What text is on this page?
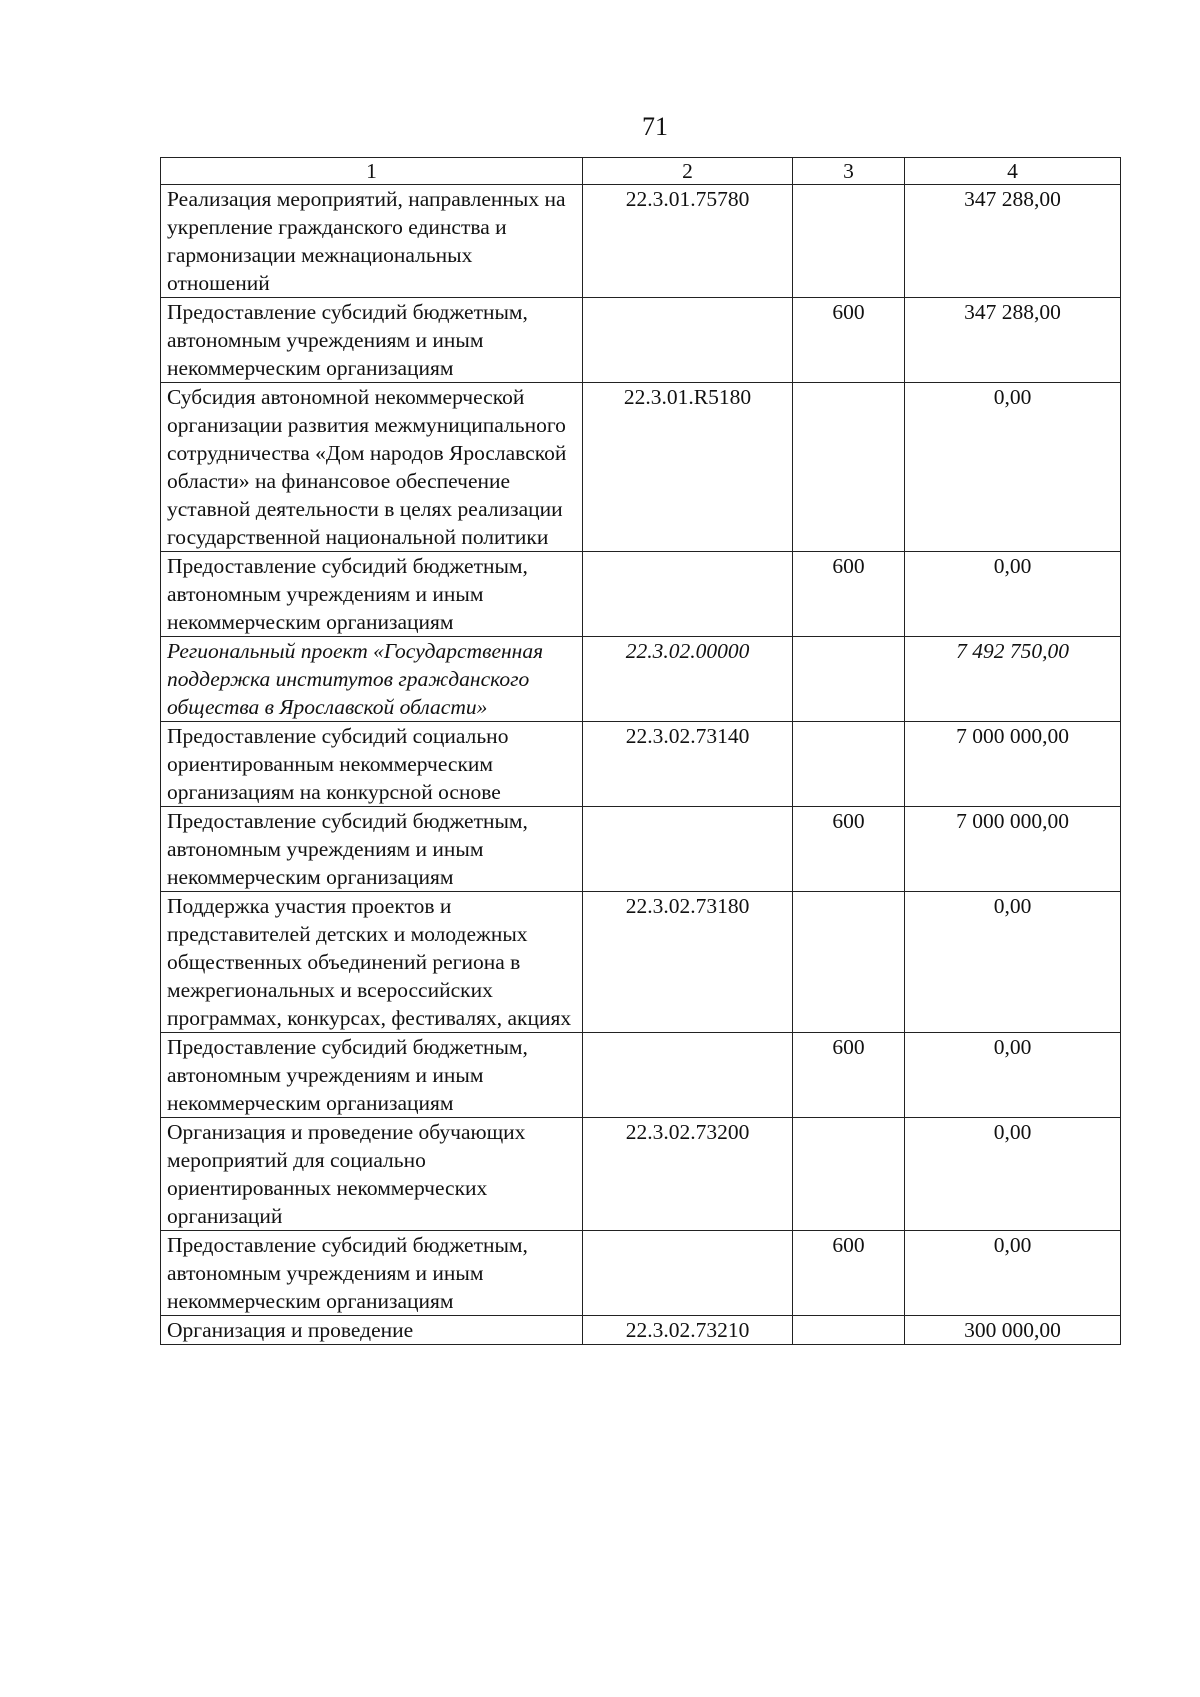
71
1	2	3	4
Реализация мероприятий, направленных на укрепление гражданского единства и гармонизации межнациональных отношений	22.3.01.75780		347 288,00
Предоставление субсидий бюджетным, автономным учреждениям и иным некоммерческим организациям		600	347 288,00
Субсидия автономной некоммерческой организации развития межмуниципального сотрудничества «Дом народов Ярославской области» на финансовое обеспечение уставной деятельности в целях реализации государственной национальной политики	22.3.01.R5180		0,00
Предоставление субсидий бюджетным, автономным учреждениям и иным некоммерческим организациям		600	0,00
Региональный проект «Государственная поддержка институтов гражданского общества в Ярославской области»	22.3.02.00000		7 492 750,00
Предоставление субсидий социально ориентированным некоммерческим организациям на конкурсной основе	22.3.02.73140		7 000 000,00
Предоставление субсидий бюджетным, автономным учреждениям и иным некоммерческим организациям		600	7 000 000,00
Поддержка участия проектов и представителей детских и молодежных общественных объединений региона в межрегиональных и всероссийских программах, конкурсах, фестивалях, акциях	22.3.02.73180		0,00
Предоставление субсидий бюджетным, автономным учреждениям и иным некоммерческим организациям		600	0,00
Организация и проведение обучающих мероприятий для социально ориентированных некоммерческих организаций	22.3.02.73200		0,00
Предоставление субсидий бюджетным, автономным учреждениям и иным некоммерческим организациям		600	0,00
Организация и проведение	22.3.02.73210		300 000,00
